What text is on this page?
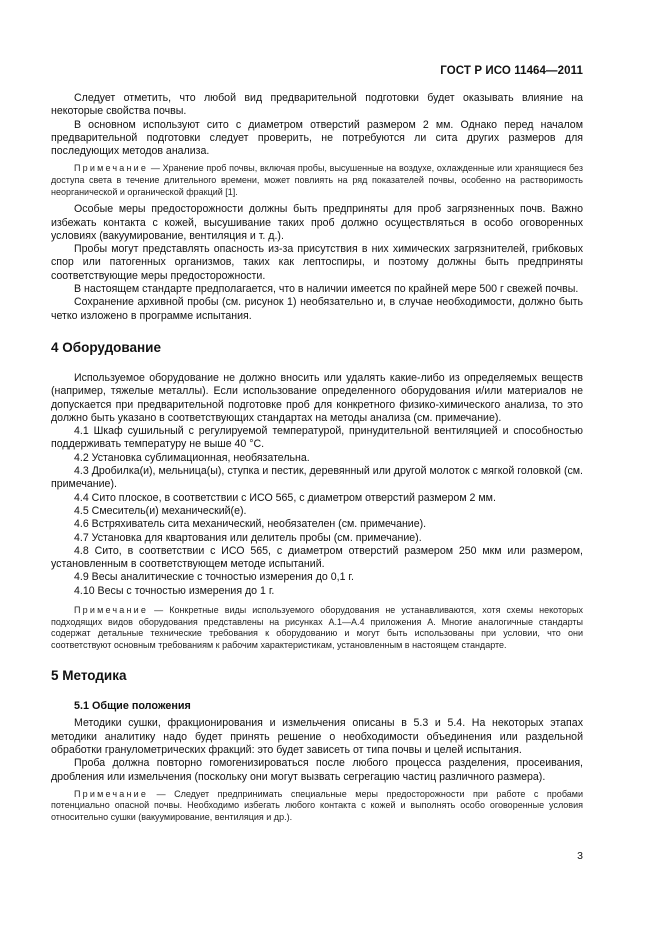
ГОСТ Р ИСО 11464—2011

Следует отметить, что любой вид предварительной подготовки будет оказывать влияние на некоторые свойства почвы.

В основном используют сито с диаметром отверстий размером 2 мм. Однако перед началом предварительной подготовки следует проверить, не потребуются ли сита других размеров для последующих методов анализа.

Примечание — Хранение проб почвы, включая пробы, высушенные на воздухе, охлажденные или хранящиеся без доступа света в течение длительного времени, может повлиять на ряд показателей почвы, особенно на растворимость неорганической и органической фракций [1].

Особые меры предосторожности должны быть предприняты для проб загрязненных почв. Важно избежать контакта с кожей, высушивание таких проб должно осуществляться в особо оговоренных условиях (вакуумирование, вентиляция и т. д.).

Пробы могут представлять опасность из-за присутствия в них химических загрязнителей, грибковых спор или патогенных организмов, таких как лептоспиры, и поэтому должны быть предприняты соответствующие меры предосторожности.

В настоящем стандарте предполагается, что в наличии имеется по крайней мере 500 г свежей почвы.

Сохранение архивной пробы (см. рисунок 1) необязательно и, в случае необходимости, должно быть четко изложено в программе испытания.

4 Оборудование

Используемое оборудование не должно вносить или удалять какие-либо из определяемых веществ (например, тяжелые металлы). Если использование определенного оборудования и/или материалов не допускается при предварительной подготовке проб для конкретного физико-химического анализа, то это должно быть указано в соответствующих стандартах на методы анализа (см. примечание).

4.1 Шкаф сушильный с регулируемой температурой, принудительной вентиляцией и способностью поддерживать температуру не выше 40 °С.

4.2 Установка сублимационная, необязательна.

4.3 Дробилка(и), мельница(ы), ступка и пестик, деревянный или другой молоток с мягкой головкой (см. примечание).

4.4 Сито плоское, в соответствии с ИСО 565, с диаметром отверстий размером 2 мм.

4.5 Смеситель(и) механический(е).

4.6 Встряхиватель сита механический, необязателен (см. примечание).

4.7 Установка для квартования или делитель пробы (см. примечание).

4.8 Сито, в соответствии с ИСО 565, с диаметром отверстий размером 250 мкм или размером, установленным в соответствующем методе испытаний.

4.9 Весы аналитические с точностью измерения до 0,1 г.

4.10 Весы с точностью измерения до 1 г.

Примечание — Конкретные виды используемого оборудования не устанавливаются, хотя схемы некоторых подходящих видов оборудования представлены на рисунках А.1—А.4 приложения А. Многие аналогичные стандарты содержат детальные технические требования к оборудованию и могут быть использованы при условии, что они соответствуют основным требованиям к рабочим характеристикам, установленным в настоящем стандарте.

5 Методика

5.1 Общие положения

Методики сушки, фракционирования и измельчения описаны в 5.3 и 5.4. На некоторых этапах методики аналитику надо будет принять решение о необходимости объединения или раздельной обработки гранулометрических фракций: это будет зависеть от типа почвы и целей испытания.

Проба должна повторно гомогенизироваться после любого процесса разделения, просеивания, дробления или измельчения (поскольку они могут вызвать сегрегацию частиц различного размера).

Примечание — Следует предпринимать специальные меры предосторожности при работе с пробами потенциально опасной почвы. Необходимо избегать любого контакта с кожей и выполнять особо оговоренные условия относительно сушки (вакуумирование, вентиляция и др.).

3
